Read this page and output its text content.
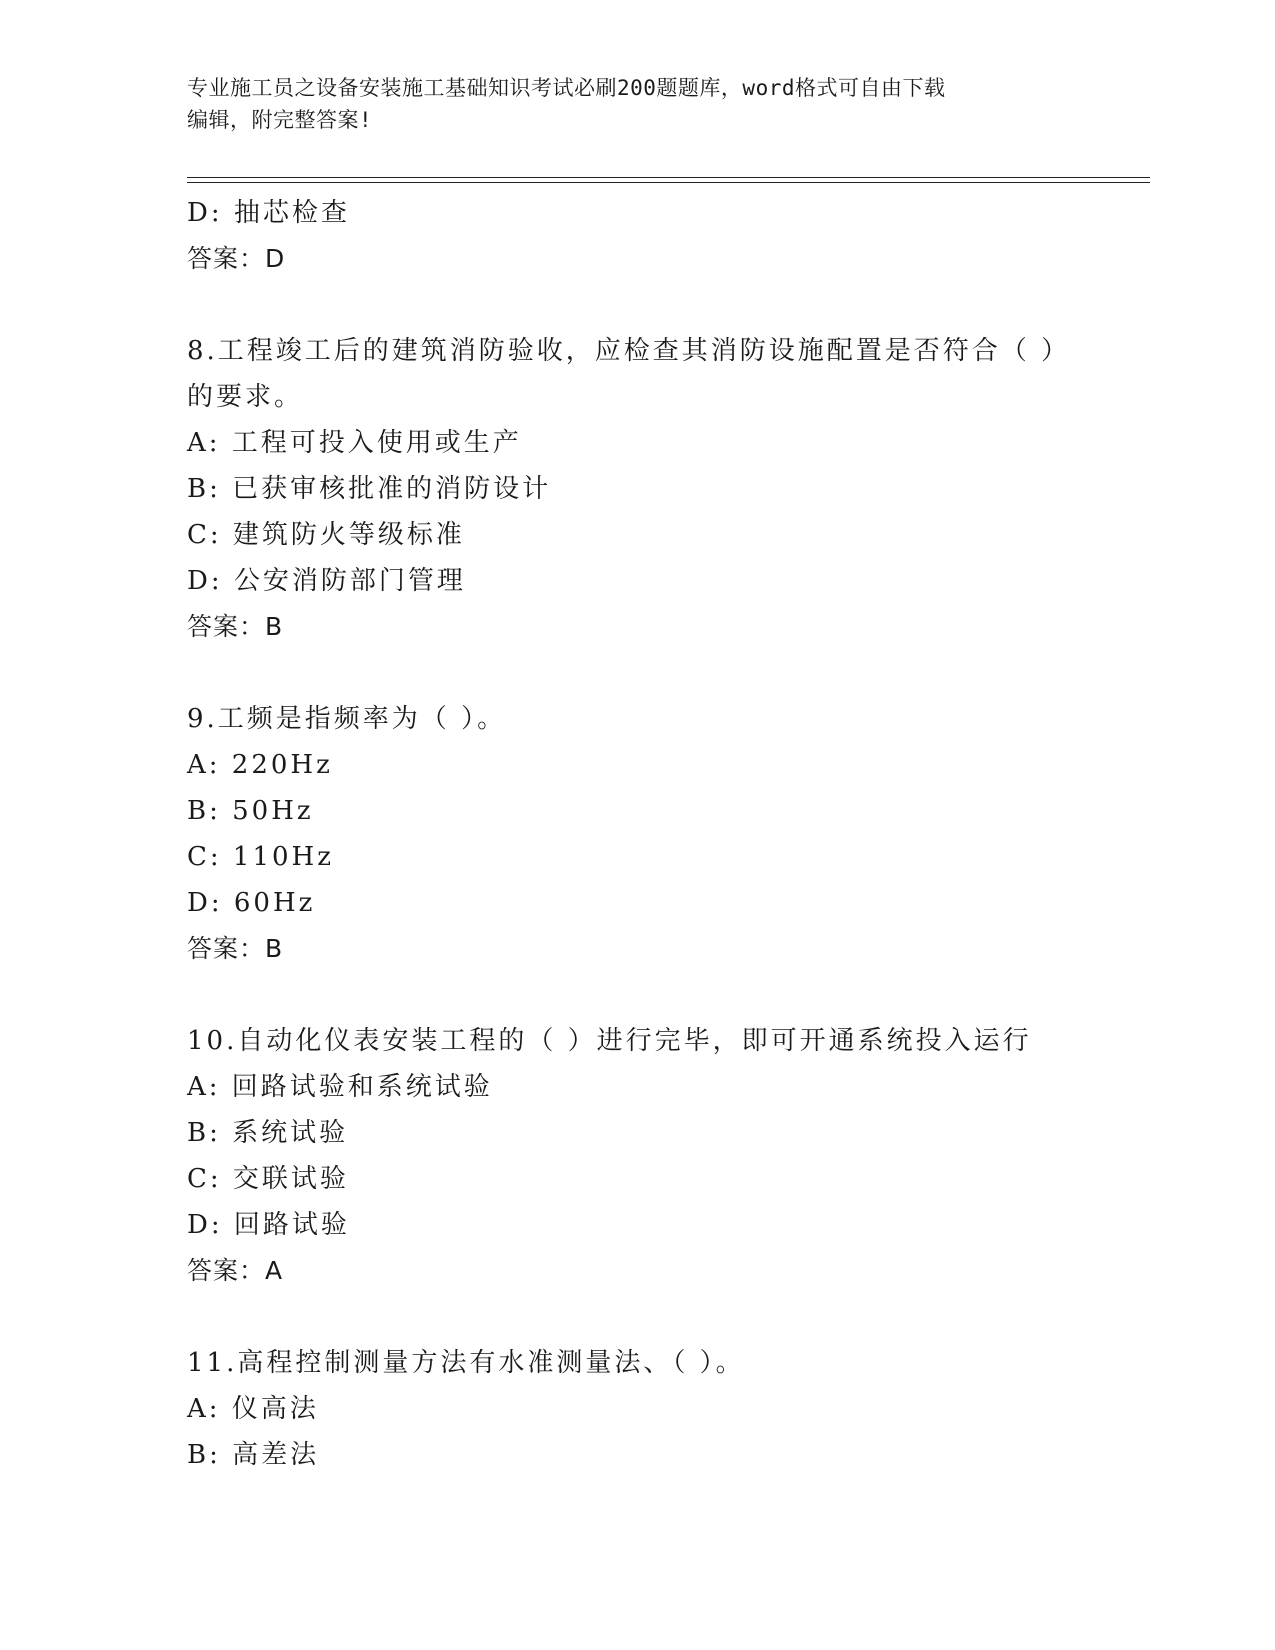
专业施工员之设备安装施工基础知识考试必刷200题题库，word格式可自由下载
编辑，附完整答案!
D: 抽芯检查
答案：D
8.工程竣工后的建筑消防验收，应检查其消防设施配置是否符合（ ）
的要求。
A: 工程可投入使用或生产
B: 已获审核批准的消防设计
C: 建筑防火等级标准
D: 公安消防部门管理
答案：B
9.工频是指频率为（ ）。
A: 220Hz
B: 50Hz
C: 110Hz
D: 60Hz
答案：B
10.自动化仪表安装工程的（ ）进行完毕，即可开通系统投入运行
A: 回路试验和系统试验
B: 系统试验
C: 交联试验
D: 回路试验
答案：A
11.高程控制测量方法有水准测量法、（ ）。
A: 仪高法
B: 高差法
